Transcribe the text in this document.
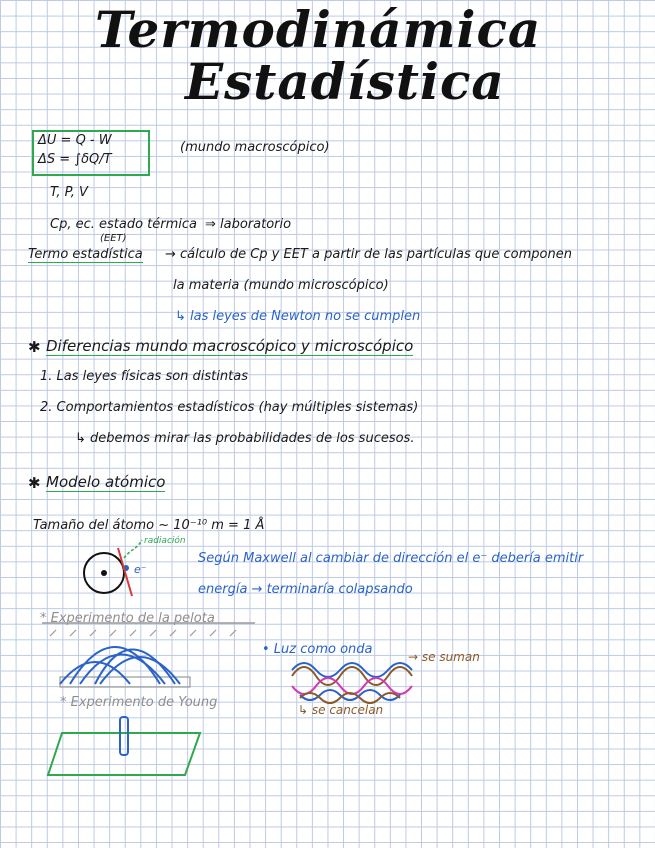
Termodinámica
Estadística
ΔU = Q - W
ΔS = ∫δQ/T
(mundo macroscópico)
T, P, V
Cp, ec. estado térmica ⇒ laboratorio
(EET)
Termo estadística → cálculo de Cp y EET a partir de las partículas que componen
la materia (mundo microscópico)
↳ las leyes de Newton no se cumplen
✱ Diferencias mundo macroscópico y microscópico
1. Las leyes físicas son distintas
2. Comportamientos estadísticos (hay múltiples sistemas)
↳ debemos mirar las probabilidades de los sucesos.
✱ Modelo atómico
Tamaño del átomo ~ 10⁻¹⁰ m = 1 Å
radiación
e⁻
Según Maxwell al cambiar de dirección el e⁻ debería emitir
energía → terminaría colapsando
* Experimento de la pelota
* Experimento de Young
• Luz como onda	→ se suman
↳ se cancelan
